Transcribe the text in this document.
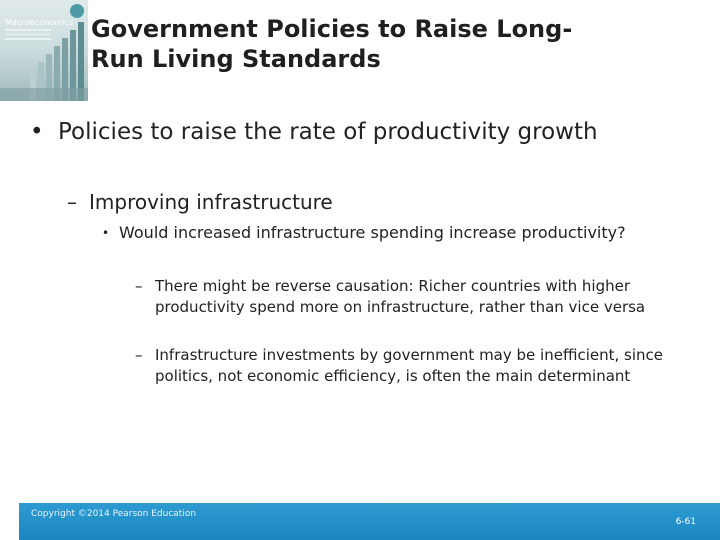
Macroeconomics Government Policies to Raise Long-
Run Living Standards
• Policies to raise the rate of productivity growth
– Improving infrastructure
• Would increased infrastructure spending increase productivity?
– There might be reverse causation: Richer countries with higher productivity spend more on infrastructure, rather than vice versa
– Infrastructure investments by government may be inefficient, since politics, not economic efficiency, is often the main determinant
Copyright ©2014 Pearson Education
6-61
